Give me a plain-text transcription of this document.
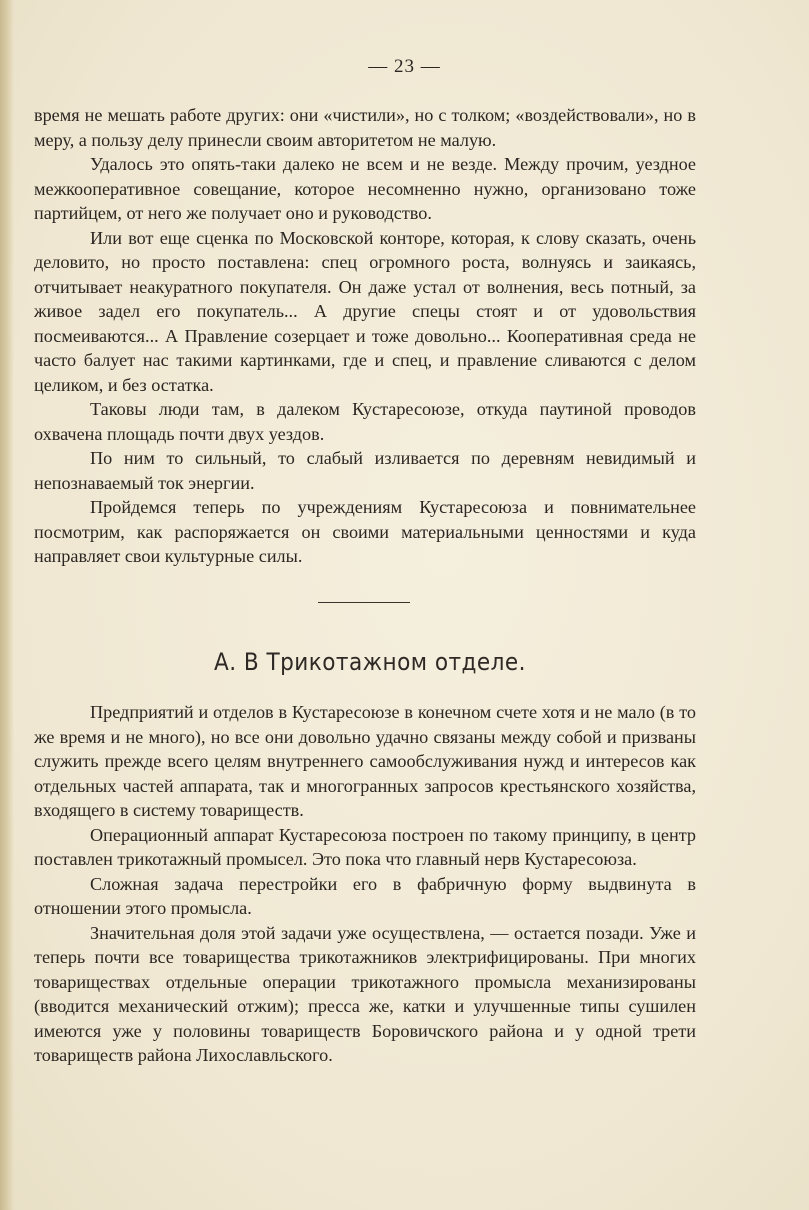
— 23 —

время не мешать работе других: они «чистили», но с толком; «воздействовали», но в меру, а пользу делу принесли своим авторитетом не малую.

Удалось это опять-таки далеко не всем и не везде. Между прочим, уездное межкооперативное совещание, которое несомненно нужно, организовано тоже партийцем, от него же получает оно и руководство.

Или вот еще сценка по Московской конторе, которая, к слову сказать, очень деловито, но просто поставлена: спец огромного роста, волнуясь и заикаясь, отчитывает неакуратного покупателя. Он даже устал от волнения, весь потный, за живое задел его покупатель... А другие спецы стоят и от удовольствия посмеиваются... А Правление созерцает и тоже довольно... Кооперативная среда не часто балует нас такими картинками, где и спец, и правление сливаются с делом целиком, и без остатка.

Таковы люди там, в далеком Кустаресоюзе, откуда паутиной проводов охвачена площадь почти двух уездов.

По ним то сильный, то слабый изливается по деревням невидимый и непознаваемый ток энергии.

Пройдемся теперь по учреждениям Кустаресоюза и повнимательнее посмотрим, как распоряжается он своими материальными ценностями и куда направляет свои культурные силы.

А. В Трикотажном отделе.

Предприятий и отделов в Кустаресоюзе в конечном счете хотя и не мало (в то же время и не много), но все они довольно удачно связаны между собой и призваны служить прежде всего целям внутреннего самообслуживания нужд и интересов как отдельных частей аппарата, так и многогранных запросов крестьянского хозяйства, входящего в систему товариществ.

Операционный аппарат Кустаресоюза построен по такому принципу, в центр поставлен трикотажный промысел. Это пока что главный нерв Кустаресоюза.

Сложная задача перестройки его в фабричную форму выдвинута в отношении этого промысла.

Значительная доля этой задачи уже осуществлена, — остается позади. Уже и теперь почти все товарищества трикотажников электрифицированы. При многих товариществах отдельные операции трикотажного промысла механизированы (вводится механический отжим); пресса же, катки и улучшенные типы сушилен имеются уже у половины товариществ Боровичского района и у одной трети товариществ района Лихославльского.
